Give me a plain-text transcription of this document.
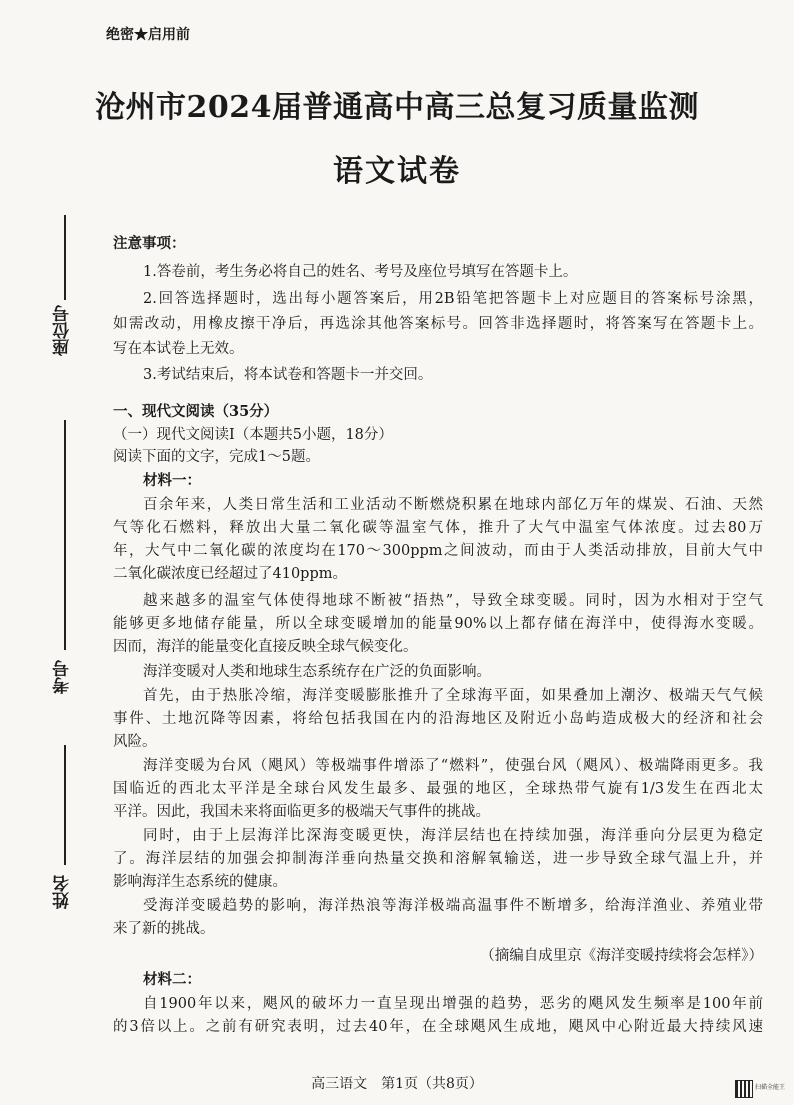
绝密★启用前
沧州市2024届普通高中高三总复习质量监测
语文试卷
座位号
考号
姓名
注意事项：
1.答卷前，考生务必将自己的姓名、考号及座位号填写在答题卡上。
2.回答选择题时，选出每小题答案后，用2B铅笔把答题卡上对应题目的答案标号涂黑，
如需改动，用橡皮擦干净后，再选涂其他答案标号。回答非选择题时，将答案写在答题卡上。
写在本试卷上无效。
3.考试结束后，将本试卷和答题卡一并交回。
一、现代文阅读（35分）
（一）现代文阅读Ⅰ（本题共5小题，18分）
阅读下面的文字，完成1～5题。
材料一：
百余年来，人类日常生活和工业活动不断燃烧积累在地球内部亿万年的煤炭、石油、天然
气等化石燃料，释放出大量二氧化碳等温室气体，推升了大气中温室气体浓度。过去80万
年，大气中二氧化碳的浓度均在170～300ppm之间波动，而由于人类活动排放，目前大气中
二氧化碳浓度已经超过了410ppm。
越来越多的温室气体使得地球不断被“捂热”，导致全球变暖。同时，因为水相对于空气
能够更多地储存能量，所以全球变暖增加的能量90%以上都存储在海洋中，使得海水变暖。
因而，海洋的能量变化直接反映全球气候变化。
海洋变暖对人类和地球生态系统存在广泛的负面影响。
首先，由于热胀冷缩，海洋变暖膨胀推升了全球海平面，如果叠加上潮汐、极端天气气候
事件、土地沉降等因素，将给包括我国在内的沿海地区及附近小岛屿造成极大的经济和社会
风险。
海洋变暖为台风（飓风）等极端事件增添了“燃料”，使强台风（飓风）、极端降雨更多。我
国临近的西北太平洋是全球台风发生最多、最强的地区，全球热带气旋有1/3发生在西北太
平洋。因此，我国未来将面临更多的极端天气事件的挑战。
同时，由于上层海洋比深海变暖更快，海洋层结也在持续加强，海洋垂向分层更为稳定
了。海洋层结的加强会抑制海洋垂向热量交换和溶解氧输送，进一步导致全球气温上升，并
影响海洋生态系统的健康。
受海洋变暖趋势的影响，海洋热浪等海洋极端高温事件不断增多，给海洋渔业、养殖业带
来了新的挑战。
（摘编自成里京《海洋变暖持续将会怎样》）
材料二：
自1900年以来，飓风的破坏力一直呈现出增强的趋势，恶劣的飓风发生频率是100年前
的3倍以上。之前有研究表明，过去40年，在全球飓风生成地，飓风中心附近最大持续风速
高三语文　第1页（共8页）	扫描全能王
